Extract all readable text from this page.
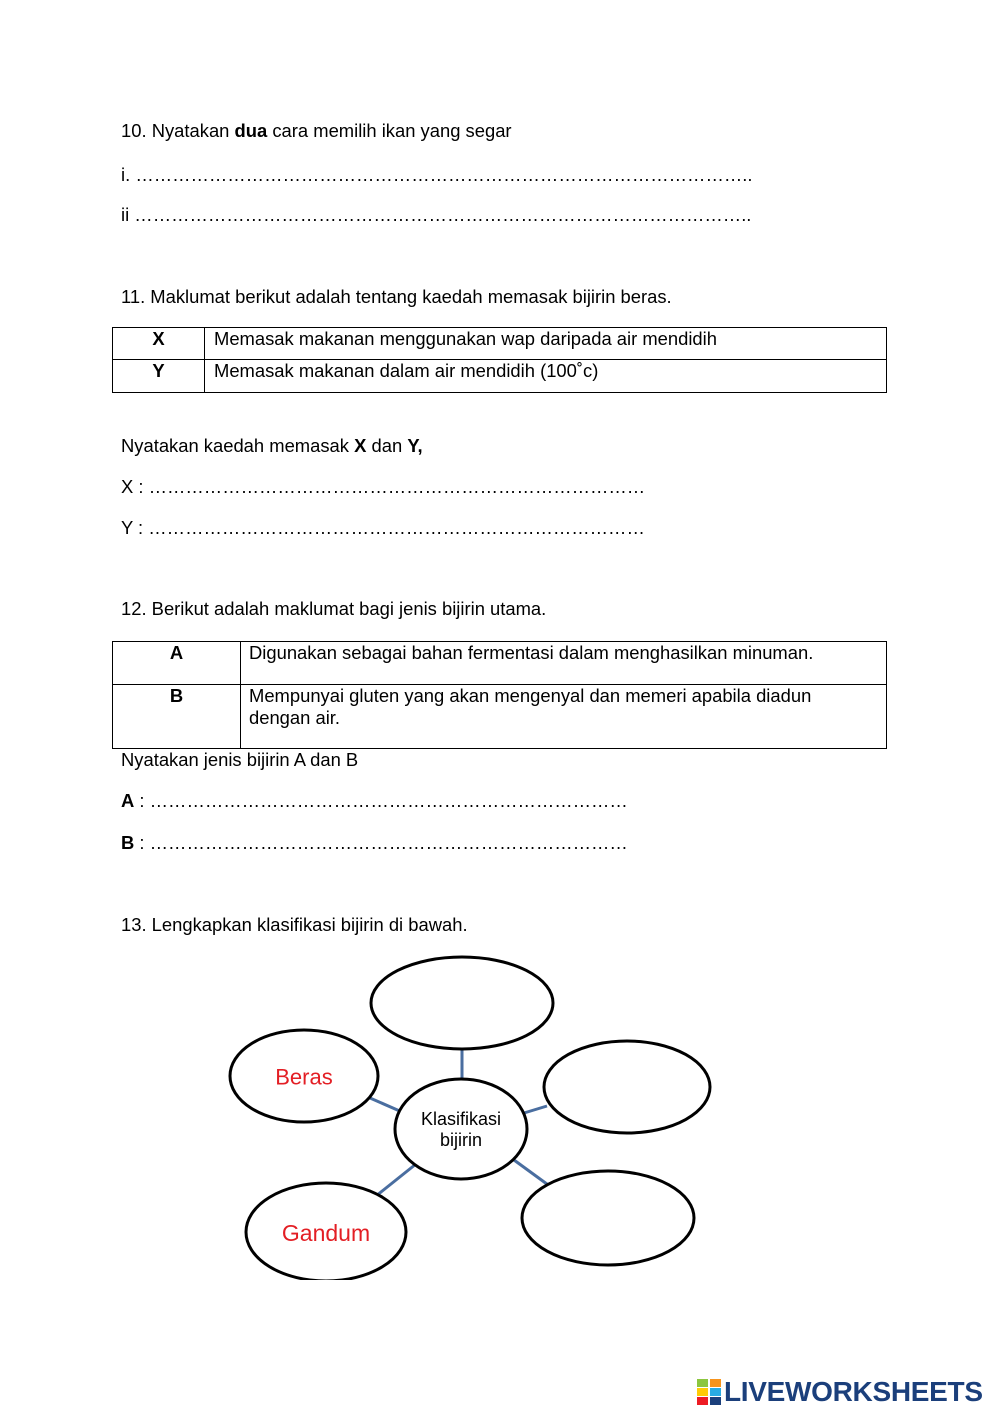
10. Nyatakan dua cara memilih ikan yang segar
i. ………………………………………………………………………………………..
ii ………………………………………………………………………………………..
11. Maklumat berikut adalah tentang kaedah memasak bijirin beras.
X	Memasak makanan menggunakan wap daripada air mendidih
Y	Memasak makanan dalam air mendidih (100˚c)
Nyatakan kaedah memasak X dan Y,
X : ………………………………………………………………………
Y : ………………………………………………………………………
12. Berikut adalah maklumat bagi jenis bijirin utama.
A	Digunakan sebagai bahan fermentasi dalam menghasilkan minuman.
B	Mempunyai gluten yang akan mengenyal dan memeri apabila diadun dengan air.
Nyatakan jenis bijirin A dan B
A : ……………………………………………………………………
B : ……………………………………………………………………
13. Lengkapkan klasifikasi bijirin di bawah.
Beras
Klasifikasi
bijirin
Gandum
LIVEWORKSHEETS
